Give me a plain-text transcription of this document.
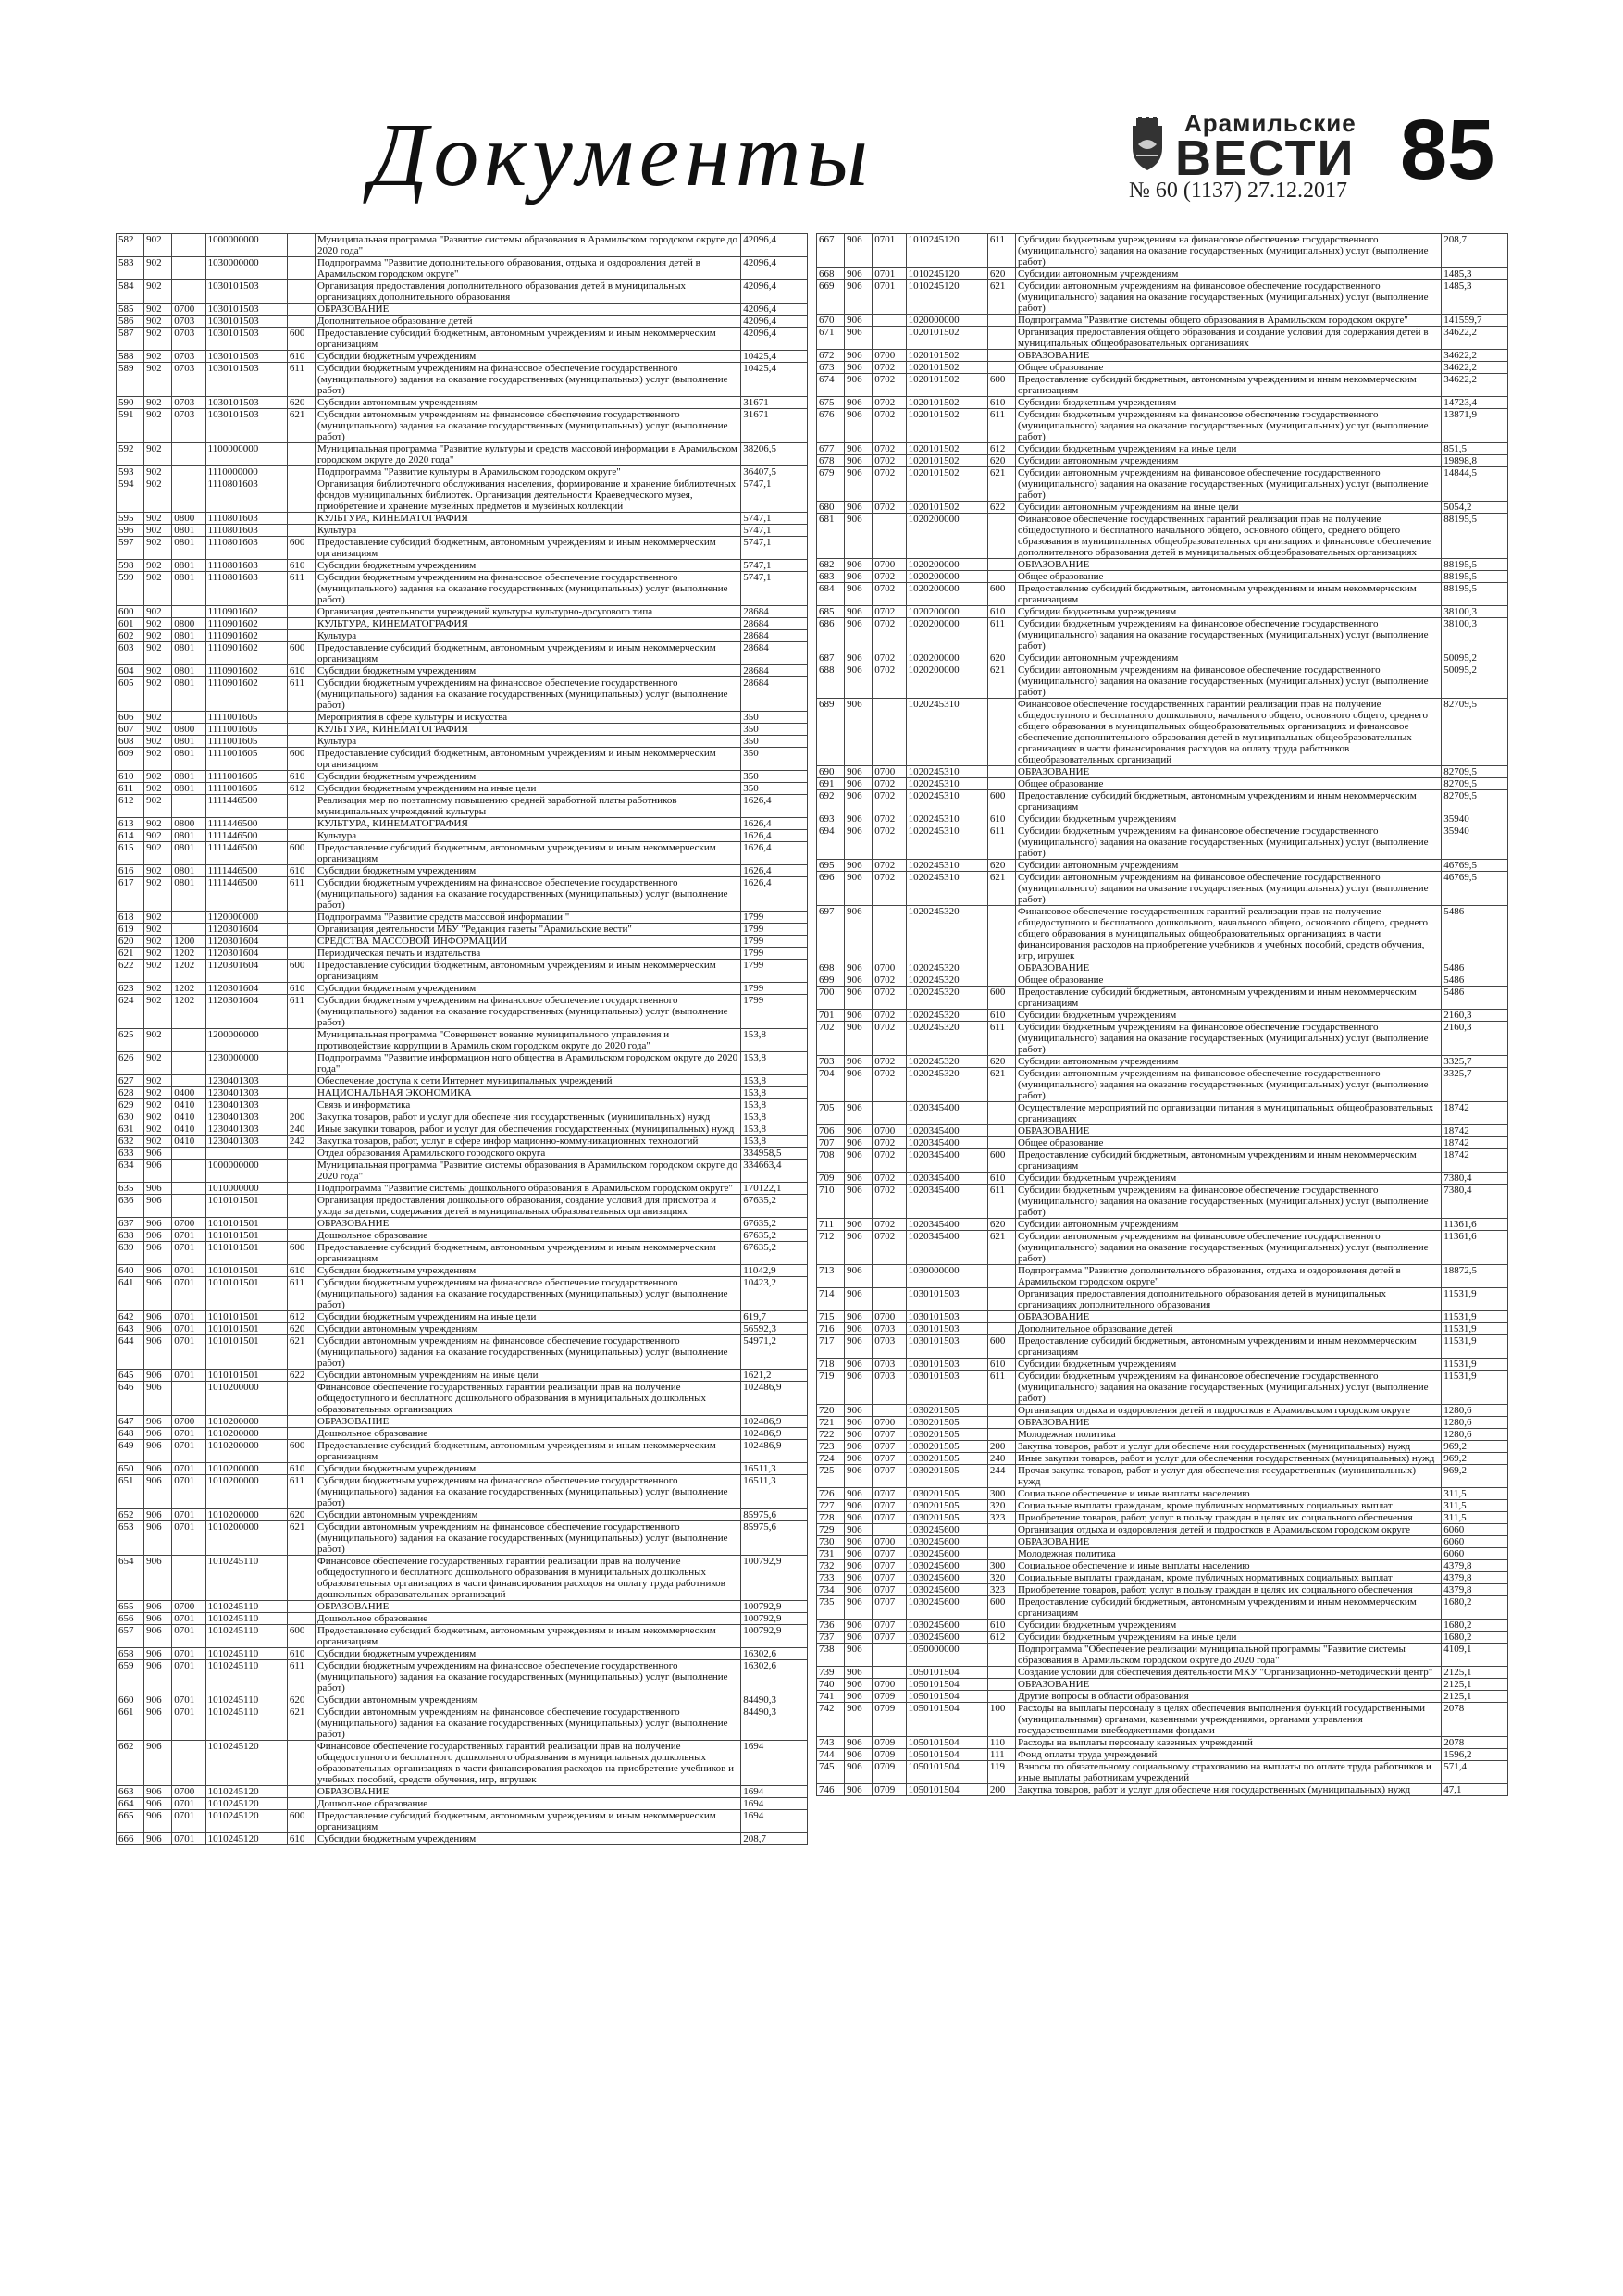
Документы	Арамильские
ВЕСТИ
№ 60 (1137) 27.12.2017 85
582	902		1000000000		Муниципальная программа "Развитие системы образования в Арамильском городском округе до 2020 года"	42096,4
583	902		1030000000		Подпрограмма "Развитие дополнительного образования, отдыха и оздоровления детей в Арамильском городском округе"	42096,4
584	902		1030101503		Организация предоставления дополнительного образования детей в муниципальных организациях дополнительного образования	42096,4
585	902	0700	1030101503		ОБРАЗОВАНИЕ	42096,4
586	902	0703	1030101503		Дополнительное образование детей	42096,4
587	902	0703	1030101503	600	Предоставление субсидий бюджетным, автономным учреждениям и иным некоммерческим организациям	42096,4
588	902	0703	1030101503	610	Субсидии бюджетным учреждениям	10425,4
589	902	0703	1030101503	611	Субсидии бюджетным учреждениям на финансовое обеспечение государственного (муниципального) задания на оказание государственных (муниципальных) услуг (выполнение работ)	10425,4
590	902	0703	1030101503	620	Субсидии автономным учреждениям	31671
591	902	0703	1030101503	621	Субсидии автономным учреждениям на финансовое обеспечение государственного (муниципального) задания на оказание государственных (муниципальных) услуг (выполнение работ)	31671
592	902		1100000000		Муниципальная программа "Развитие культуры и средств массовой информации в Арамильском городском округе до 2020 года"	38206,5
593	902		1110000000		Подпрограмма "Развитие культуры в Арамильском городском округе"	36407,5
594	902		1110801603		Организация библиотечного обслуживания населения, формирование и хранение библиотечных фондов муниципальных библиотек. Организация деятельности Краеведческого музея, приобретение и хранение музейных предметов и музейных коллекций	5747,1
595	902	0800	1110801603		КУЛЬТУРА, КИНЕМАТОГРАФИЯ	5747,1
596	902	0801	1110801603		Культура	5747,1
597	902	0801	1110801603	600	Предоставление субсидий бюджетным, автономным учреждениям и иным некоммерческим организациям	5747,1
598	902	0801	1110801603	610	Субсидии бюджетным учреждениям	5747,1
599	902	0801	1110801603	611	Субсидии бюджетным учреждениям на финансовое обеспечение государственного (муниципального) задания на оказание государственных (муниципальных) услуг (выполнение работ)	5747,1
600	902		1110901602		Организация деятельности учреждений культуры культурно-досугового типа	28684
601	902	0800	1110901602		КУЛЬТУРА, КИНЕМАТОГРАФИЯ	28684
602	902	0801	1110901602		Культура	28684
603	902	0801	1110901602	600	Предоставление субсидий бюджетным, автономным учреждениям и иным некоммерческим организациям	28684
604	902	0801	1110901602	610	Субсидии бюджетным учреждениям	28684
605	902	0801	1110901602	611	Субсидии бюджетным учреждениям на финансовое обеспечение государственного (муниципального) задания на оказание государственных (муниципальных) услуг (выполнение работ)	28684
606	902		1111001605		Мероприятия в сфере культуры и искусства	350
607	902	0800	1111001605		КУЛЬТУРА, КИНЕМАТОГРАФИЯ	350
608	902	0801	1111001605		Культура	350
609	902	0801	1111001605	600	Предоставление субсидий бюджетным, автономным учреждениям и иным некоммерческим организациям	350
610	902	0801	1111001605	610	Субсидии бюджетным учреждениям	350
611	902	0801	1111001605	612	Субсидии бюджетным учреждениям на иные цели	350
612	902		1111446500		Реализация мер по поэтапному повышению средней заработной платы работников муниципальных учреждений культуры	1626,4
613	902	0800	1111446500		КУЛЬТУРА, КИНЕМАТОГРАФИЯ	1626,4
614	902	0801	1111446500		Культура	1626,4
615	902	0801	1111446500	600	Предоставление субсидий бюджетным, автономным учреждениям и иным некоммерческим организациям	1626,4
616	902	0801	1111446500	610	Субсидии бюджетным учреждениям	1626,4
617	902	0801	1111446500	611	Субсидии бюджетным учреждениям на финансовое обеспечение государственного (муниципального) задания на оказание государственных (муниципальных) услуг (выполнение работ)	1626,4
618	902		1120000000		Подпрограмма "Развитие средств массовой информации "	1799
619	902		1120301604		Организация деятельности МБУ "Редакция газеты "Арамильские вести"	1799
620	902	1200	1120301604		СРЕДСТВА МАССОВОЙ ИНФОРМАЦИИ	1799
621	902	1202	1120301604		Периодическая печать и издательства	1799
622	902	1202	1120301604	600	Предоставление субсидий бюджетным, автономным учреждениям и иным некоммерческим организациям	1799
623	902	1202	1120301604	610	Субсидии бюджетным учреждениям	1799
624	902	1202	1120301604	611	Субсидии бюджетным учреждениям на финансовое обеспечение государственного (муниципального) задания на оказание государственных (муниципальных) услуг (выполнение работ)	1799
625	902		1200000000		Муниципальная программа "Совершенст вование муниципального управления и противодействие коррупции в Арамиль ском городском округе до 2020 года"	153,8
626	902		1230000000		Подпрограмма "Развитие информацион ного общества в Арамильском городском округе до 2020 года"	153,8
627	902		1230401303		Обеспечение доступа к сети Интернет муниципальных учреждений	153,8
628	902	0400	1230401303		НАЦИОНАЛЬНАЯ ЭКОНОМИКА	153,8
629	902	0410	1230401303		Связь и информатика	153,8
630	902	0410	1230401303	200	Закупка товаров, работ и услуг для обеспече ния государственных (муниципальных) нужд	153,8
631	902	0410	1230401303	240	Иные закупки товаров, работ и услуг для обеспечения государственных (муниципальных) нужд	153,8
632	902	0410	1230401303	242	Закупка товаров, работ, услуг в сфере инфор мационно-коммуникационных технологий	153,8
633	906				Отдел образования Арамильского городского округа	334958,5
634	906		1000000000		Муниципальная программа "Развитие системы образования в Арамильском городском округе до 2020 года"	334663,4
635	906		1010000000		Подпрограмма "Развитие системы дошкольного образования в Арамильском городском округе"	170122,1
636	906		1010101501		Организация предоставления дошкольного образования, создание условий для присмотра и ухода за детьми, содержания детей в муниципальных образовательных организациях	67635,2
637	906	0700	1010101501		ОБРАЗОВАНИЕ	67635,2
638	906	0701	1010101501		Дошкольное образование	67635,2
639	906	0701	1010101501	600	Предоставление субсидий бюджетным, автономным учреждениям и иным некоммерческим организациям	67635,2
640	906	0701	1010101501	610	Субсидии бюджетным учреждениям	11042,9
641	906	0701	1010101501	611	Субсидии бюджетным учреждениям на финансовое обеспечение государственного (муниципального) задания на оказание государственных (муниципальных) услуг (выполнение работ)	10423,2
642	906	0701	1010101501	612	Субсидии бюджетным учреждениям на иные цели	619,7
643	906	0701	1010101501	620	Субсидии автономным учреждениям	56592,3
644	906	0701	1010101501	621	Субсидии автономным учреждениям на финансовое обеспечение государственного (муниципального) задания на оказание государственных (муниципальных) услуг (выполнение работ)	54971,2
645	906	0701	1010101501	622	Субсидии автономным учреждениям на иные цели	1621,2
646	906		1010200000		Финансовое обеспечение государственных гарантий реализации прав на получение общедоступного и бесплатного дошкольного образования в муниципальных дошкольных образовательных организациях	102486,9
647	906	0700	1010200000		ОБРАЗОВАНИЕ	102486,9
648	906	0701	1010200000		Дошкольное образование	102486,9
649	906	0701	1010200000	600	Предоставление субсидий бюджетным, автономным учреждениям и иным некоммерческим организациям	102486,9
650	906	0701	1010200000	610	Субсидии бюджетным учреждениям	16511,3
651	906	0701	1010200000	611	Субсидии бюджетным учреждениям на финансовое обеспечение государственного (муниципального) задания на оказание государственных (муниципальных) услуг (выполнение работ)	16511,3
652	906	0701	1010200000	620	Субсидии автономным учреждениям	85975,6
653	906	0701	1010200000	621	Субсидии автономным учреждениям на финансовое обеспечение государственного (муниципального) задания на оказание государственных (муниципальных) услуг (выполнение работ)	85975,6
654	906		1010245110		Финансовое обеспечение государственных гарантий реализации прав на получение общедоступного и бесплатного дошкольного образования в муниципальных дошкольных образовательных организациях в части финансирования расходов на оплату труда работников дошкольных образовательных организаций	100792,9
655	906	0700	1010245110		ОБРАЗОВАНИЕ	100792,9
656	906	0701	1010245110		Дошкольное образование	100792,9
657	906	0701	1010245110	600	Предоставление субсидий бюджетным, автономным учреждениям и иным некоммерческим организациям	100792,9
658	906	0701	1010245110	610	Субсидии бюджетным учреждениям	16302,6
659	906	0701	1010245110	611	Субсидии бюджетным учреждениям на финансовое обеспечение государственного (муниципального) задания на оказание государственных (муниципальных) услуг (выполнение работ)	16302,6
660	906	0701	1010245110	620	Субсидии автономным учреждениям	84490,3
661	906	0701	1010245110	621	Субсидии автономным учреждениям на финансовое обеспечение государственного (муниципального) задания на оказание государственных (муниципальных) услуг (выполнение работ)	84490,3
662	906		1010245120		Финансовое обеспечение государственных гарантий реализации прав на получение общедоступного и бесплатного дошкольного образования в муниципальных дошкольных образовательных организациях в части финансирования расходов на приобретение учебников и учебных пособий, средств обучения, игр, игрушек	1694
663	906	0700	1010245120		ОБРАЗОВАНИЕ	1694
664	906	0701	1010245120		Дошкольное образование	1694
665	906	0701	1010245120	600	Предоставление субсидий бюджетным, автономным учреждениям и иным некоммерческим организациям	1694
666	906	0701	1010245120	610	Субсидии бюджетным учреждениям	208,7
667	906	0701	1010245120	611	Субсидии бюджетным учреждениям на финансовое обеспечение государственного (муниципального) задания на оказание государственных (муниципальных) услуг (выполнение работ)	208,7
668	906	0701	1010245120	620	Субсидии автономным учреждениям	1485,3
669	906	0701	1010245120	621	Субсидии автономным учреждениям на финансовое обеспечение государственного (муниципального) задания на оказание государственных (муниципальных) услуг (выполнение работ)	1485,3
670	906		1020000000		Подпрограмма "Развитие системы общего образования в Арамильском городском округе"	141559,7
671	906		1020101502		Организация предоставления общего образования и создание условий для содержания детей в муниципальных общеобразовательных организациях	34622,2
672	906	0700	1020101502		ОБРАЗОВАНИЕ	34622,2
673	906	0702	1020101502		Общее образование	34622,2
674	906	0702	1020101502	600	Предоставление субсидий бюджетным, автономным учреждениям и иным некоммерческим организациям	34622,2
675	906	0702	1020101502	610	Субсидии бюджетным учреждениям	14723,4
676	906	0702	1020101502	611	Субсидии бюджетным учреждениям на финансовое обеспечение государственного (муниципального) задания на оказание государственных (муниципальных) услуг (выполнение работ)	13871,9
677	906	0702	1020101502	612	Субсидии бюджетным учреждениям на иные цели	851,5
678	906	0702	1020101502	620	Субсидии автономным учреждениям	19898,8
679	906	0702	1020101502	621	Субсидии автономным учреждениям на финансовое обеспечение государственного (муниципального) задания на оказание государственных (муниципальных) услуг (выполнение работ)	14844,5
680	906	0702	1020101502	622	Субсидии автономным учреждениям на иные цели	5054,2
681	906		1020200000		Финансовое обеспечение государственных гарантий реализации прав на получение общедоступного и бесплатного начального общего, основного общего, среднего общего образования в муниципальных общеобразовательных организациях и финансовое обеспечение дополнительного образования детей в муниципальных общеобразовательных организациях	88195,5
682	906	0700	1020200000		ОБРАЗОВАНИЕ	88195,5
683	906	0702	1020200000		Общее образование	88195,5
684	906	0702	1020200000	600	Предоставление субсидий бюджетным, автономным учреждениям и иным некоммерческим организациям	88195,5
685	906	0702	1020200000	610	Субсидии бюджетным учреждениям	38100,3
686	906	0702	1020200000	611	Субсидии бюджетным учреждениям на финансовое обеспечение государственного (муниципального) задания на оказание государственных (муниципальных) услуг (выполнение работ)	38100,3
687	906	0702	1020200000	620	Субсидии автономным учреждениям	50095,2
688	906	0702	1020200000	621	Субсидии автономным учреждениям на финансовое обеспечение государственного (муниципального) задания на оказание государственных (муниципальных) услуг (выполнение работ)	50095,2
689	906		1020245310		Финансовое обеспечение государственных гарантий реализации прав на получение общедоступного и бесплатного дошкольного, начального общего, основного общего, среднего общего образования в муниципальных общеобразовательных организациях и финансовое обеспечение дополнительного образования детей в муниципальных общеобразовательных организациях в части финансирования расходов на оплату труда работников общеобразовательных организаций	82709,5
690	906	0700	1020245310		ОБРАЗОВАНИЕ	82709,5
691	906	0702	1020245310		Общее образование	82709,5
692	906	0702	1020245310	600	Предоставление субсидий бюджетным, автономным учреждениям и иным некоммерческим организациям	82709,5
693	906	0702	1020245310	610	Субсидии бюджетным учреждениям	35940
694	906	0702	1020245310	611	Субсидии бюджетным учреждениям на финансовое обеспечение государственного (муниципального) задания на оказание государственных (муниципальных) услуг (выполнение работ)	35940
695	906	0702	1020245310	620	Субсидии автономным учреждениям	46769,5
696	906	0702	1020245310	621	Субсидии автономным учреждениям на финансовое обеспечение государственного (муниципального) задания на оказание государственных (муниципальных) услуг (выполнение работ)	46769,5
697	906		1020245320		Финансовое обеспечение государственных гарантий реализации прав на получение общедоступного и бесплатного дошкольного, начального общего, основного общего, среднего общего образования в муниципальных общеобразовательных организациях в части финансирования расходов на приобретение учебников и учебных пособий, средств обучения, игр, игрушек	5486
698	906	0700	1020245320		ОБРАЗОВАНИЕ	5486
699	906	0702	1020245320		Общее образование	5486
700	906	0702	1020245320	600	Предоставление субсидий бюджетным, автономным учреждениям и иным некоммерческим организациям	5486
701	906	0702	1020245320	610	Субсидии бюджетным учреждениям	2160,3
702	906	0702	1020245320	611	Субсидии бюджетным учреждениям на финансовое обеспечение государственного (муниципального) задания на оказание государственных (муниципальных) услуг (выполнение работ)	2160,3
703	906	0702	1020245320	620	Субсидии автономным учреждениям	3325,7
704	906	0702	1020245320	621	Субсидии автономным учреждениям на финансовое обеспечение государственного (муниципального) задания на оказание государственных (муниципальных) услуг (выполнение работ)	3325,7
705	906		1020345400		Осуществление мероприятий по организации питания в муниципальных общеобразовательных организациях	18742
706	906	0700	1020345400		ОБРАЗОВАНИЕ	18742
707	906	0702	1020345400		Общее образование	18742
708	906	0702	1020345400	600	Предоставление субсидий бюджетным, автономным учреждениям и иным некоммерческим организациям	18742
709	906	0702	1020345400	610	Субсидии бюджетным учреждениям	7380,4
710	906	0702	1020345400	611	Субсидии бюджетным учреждениям на финансовое обеспечение государственного (муниципального) задания на оказание государственных (муниципальных) услуг (выполнение работ)	7380,4
711	906	0702	1020345400	620	Субсидии автономным учреждениям	11361,6
712	906	0702	1020345400	621	Субсидии автономным учреждениям на финансовое обеспечение государственного (муниципального) задания на оказание государственных (муниципальных) услуг (выполнение работ)	11361,6
713	906		1030000000		Подпрограмма "Развитие дополнительного образования, отдыха и оздоровления детей в Арамильском городском округе"	18872,5
714	906		1030101503		Организация предоставления дополнительного образования детей в муниципальных организациях дополнительного образования	11531,9
715	906	0700	1030101503		ОБРАЗОВАНИЕ	11531,9
716	906	0703	1030101503		Дополнительное образование детей	11531,9
717	906	0703	1030101503	600	Предоставление субсидий бюджетным, автономным учреждениям и иным некоммерческим организациям	11531,9
718	906	0703	1030101503	610	Субсидии бюджетным учреждениям	11531,9
719	906	0703	1030101503	611	Субсидии бюджетным учреждениям на финансовое обеспечение государственного (муниципального) задания на оказание государственных (муниципальных) услуг (выполнение работ)	11531,9
720	906		1030201505		Организация отдыха и оздоровления детей и подростков в Арамильском городском округе	1280,6
721	906	0700	1030201505		ОБРАЗОВАНИЕ	1280,6
722	906	0707	1030201505		Молодежная политика	1280,6
723	906	0707	1030201505	200	Закупка товаров, работ и услуг для обеспече ния государственных (муниципальных) нужд	969,2
724	906	0707	1030201505	240	Иные закупки товаров, работ и услуг для обеспечения государственных (муниципальных) нужд	969,2
725	906	0707	1030201505	244	Прочая закупка товаров, работ и услуг для обеспечения государственных (муниципальных) нужд	969,2
726	906	0707	1030201505	300	Социальное обеспечение и иные выплаты населению	311,5
727	906	0707	1030201505	320	Социальные выплаты гражданам, кроме публичных нормативных социальных выплат	311,5
728	906	0707	1030201505	323	Приобретение товаров, работ, услуг в пользу граждан в целях их социального обеспечения	311,5
729	906		1030245600		Организация отдыха и оздоровления детей и подростков в Арамильском городском округе	6060
730	906	0700	1030245600		ОБРАЗОВАНИЕ	6060
731	906	0707	1030245600		Молодежная политика	6060
732	906	0707	1030245600	300	Социальное обеспечение и иные выплаты населению	4379,8
733	906	0707	1030245600	320	Социальные выплаты гражданам, кроме публичных нормативных социальных выплат	4379,8
734	906	0707	1030245600	323	Приобретение товаров, работ, услуг в пользу граждан в целях их социального обеспечения	4379,8
735	906	0707	1030245600	600	Предоставление субсидий бюджетным, автономным учреждениям и иным некоммерческим организациям	1680,2
736	906	0707	1030245600	610	Субсидии бюджетным учреждениям	1680,2
737	906	0707	1030245600	612	Субсидии бюджетным учреждениям на иные цели	1680,2
738	906		1050000000		Подпрограмма "Обеспечение реализации муниципальной программы "Развитие системы образования в Арамильском городском округе до 2020 года"	4109,1
739	906		1050101504		Создание условий для обеспечения деятельности МКУ "Организационно-методический центр"	2125,1
740	906	0700	1050101504		ОБРАЗОВАНИЕ	2125,1
741	906	0709	1050101504		Другие вопросы в области образования	2125,1
742	906	0709	1050101504	100	Расходы на выплаты персоналу в целях обеспечения выполнения функций государственными (муниципальными) органами, казенными учреждениями, органами управления государственными внебюджетными фондами	2078
743	906	0709	1050101504	110	Расходы на выплаты персоналу казенных учреждений	2078
744	906	0709	1050101504	111	Фонд оплаты труда учреждений	1596,2
745	906	0709	1050101504	119	Взносы по обязательному социальному страхованию на выплаты по оплате труда работников и иные выплаты работникам учреждений	571,4
746	906	0709	1050101504	200	Закупка товаров, работ и услуг для обеспече ния государственных (муниципальных) нужд	47,1
